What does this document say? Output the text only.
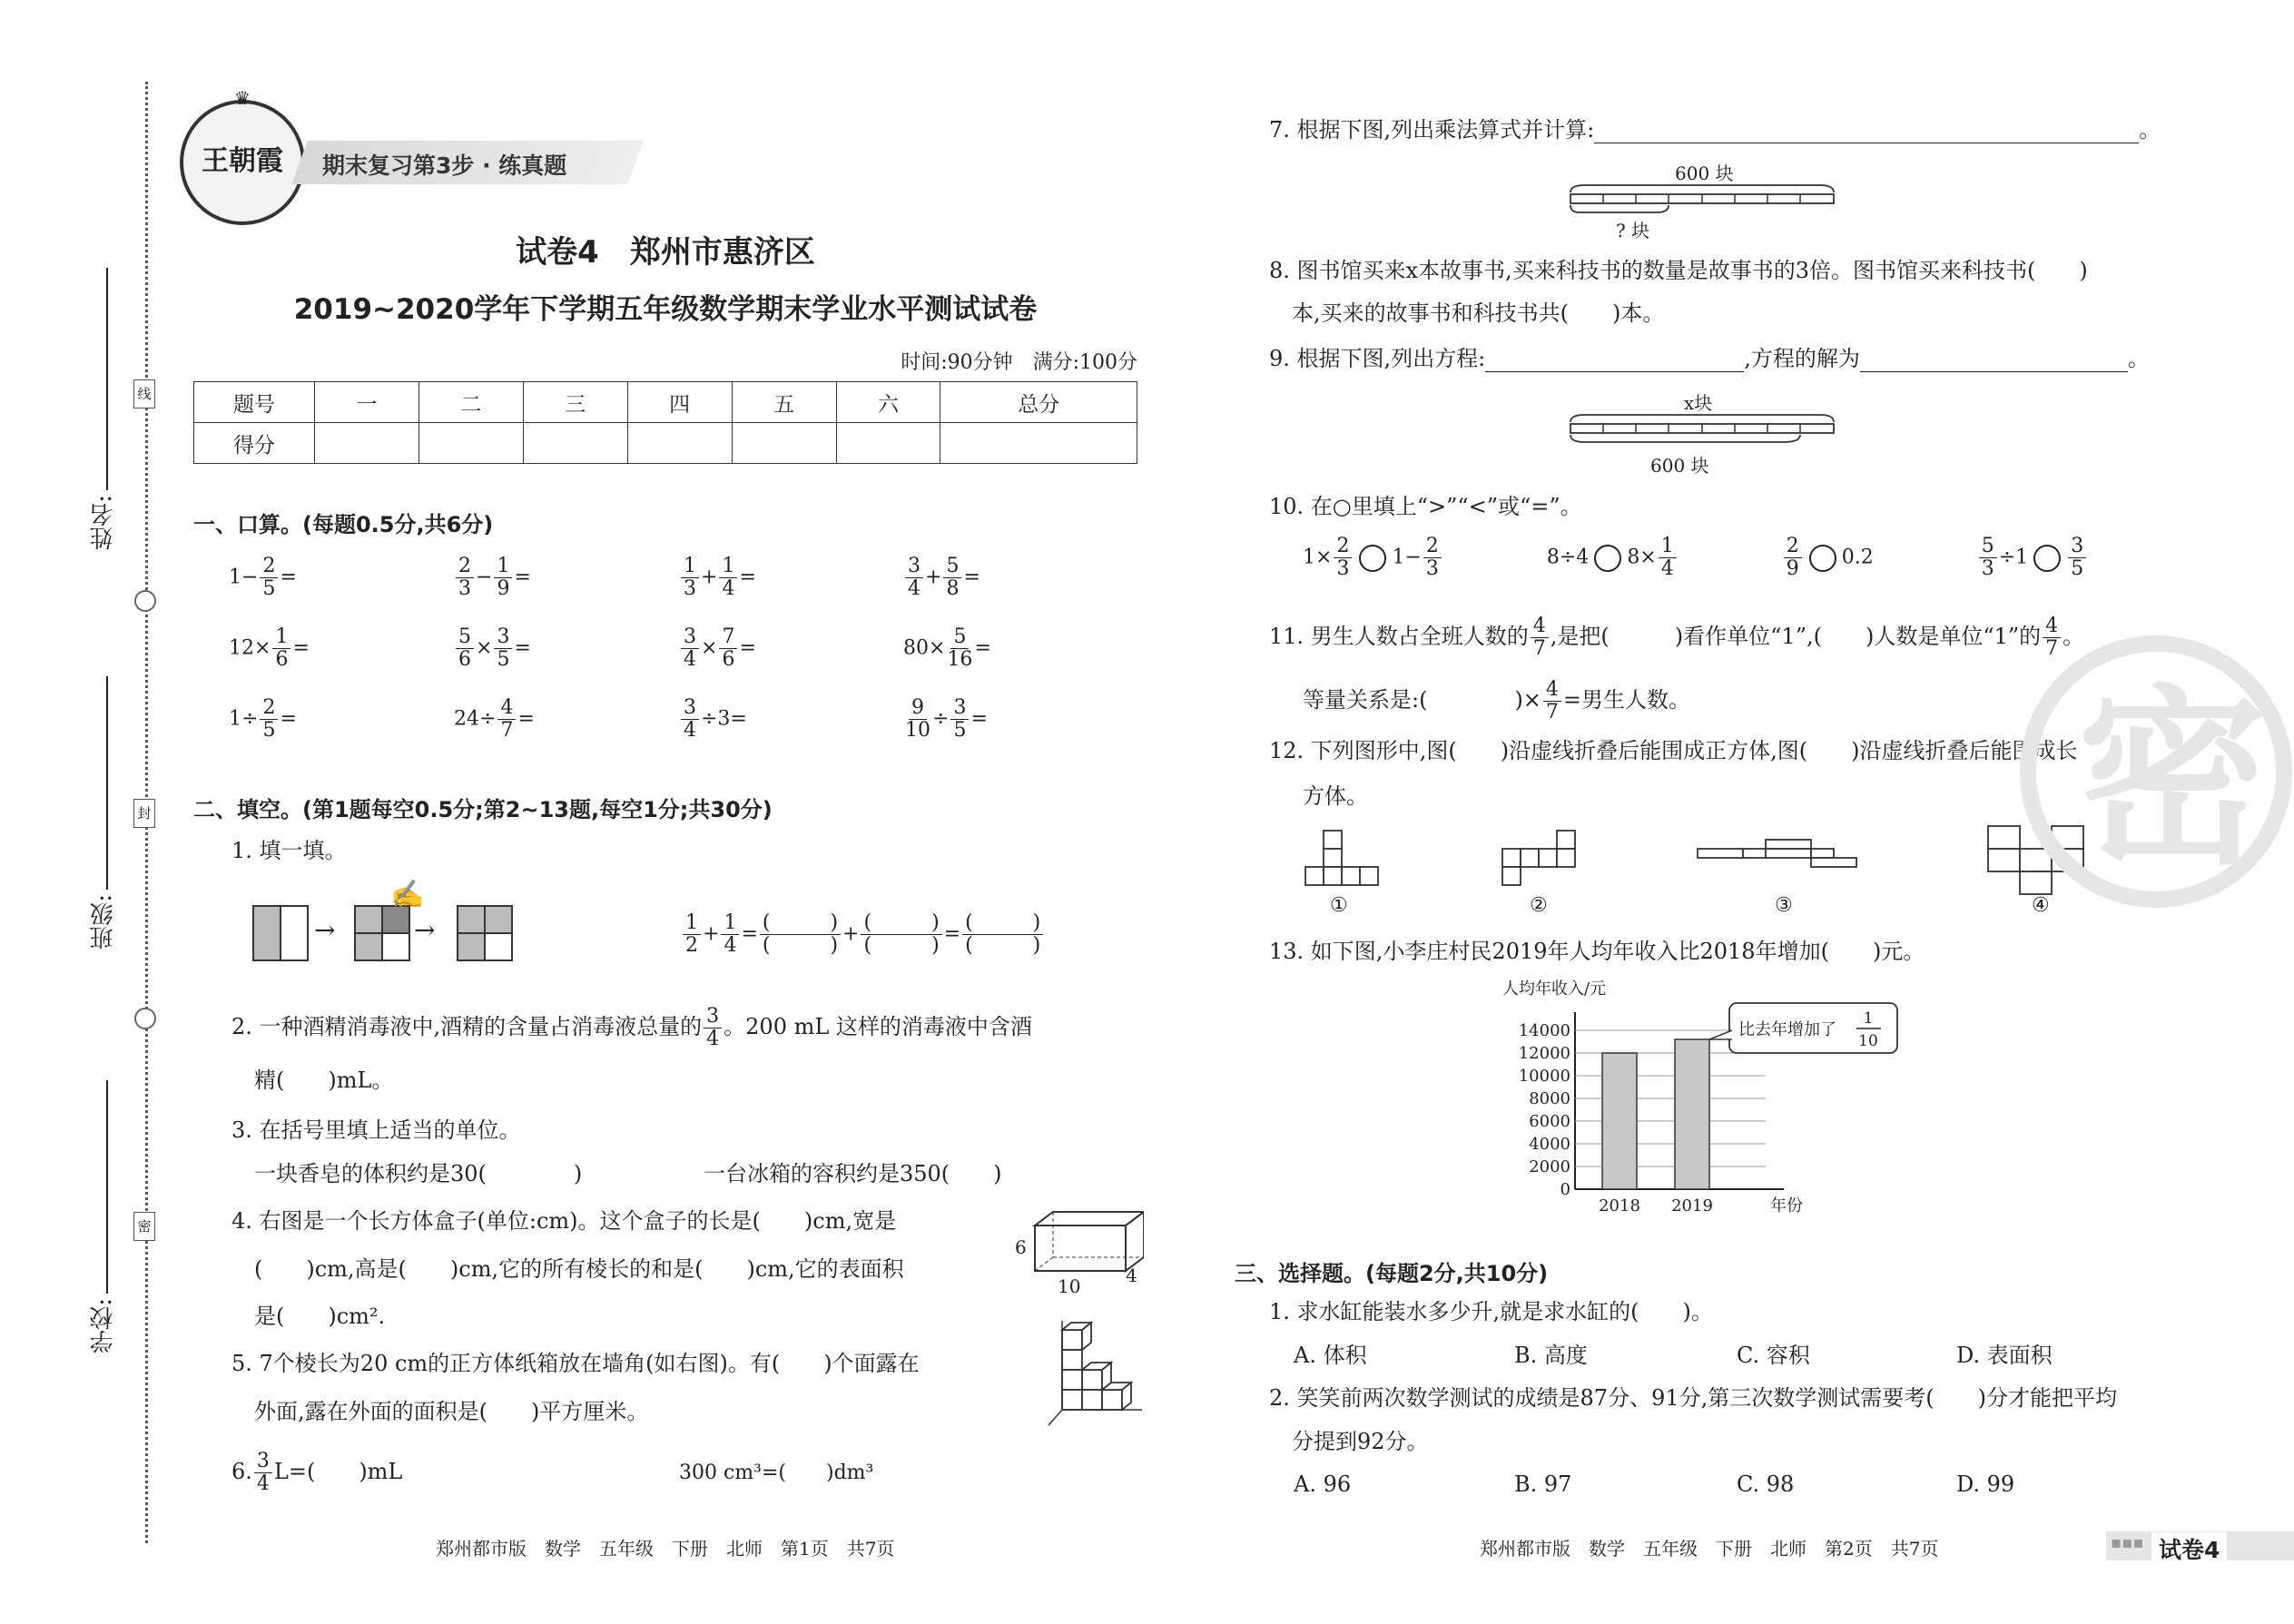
线
封
密
姓名:
班级:
学校:
♛
王朝霞	期末复习第3步 · 练真题
试卷4　郑州市惠济区
2019~2020学年下学期五年级数学期末学业水平测试试卷
时间:90分钟　满分:100分
题号	一	二	三	四	五	六	总分
得分							
一、口算。(每题0.5分,共6分)
$1- \frac{2}{5}$ =	$\frac{2}{3} - \frac{1}{9}$ =	$\frac{1}{3} + \frac{1}{4}$ =	$\frac{3}{4} + \frac{5}{8}$ =
$12\times \frac{1}{6}$ =	$\frac{5}{6} \times \frac{3}{5}$ =	$\frac{3}{4} \times \frac{7}{6}$ =	$80\times \frac{5}{16}$ =
$1\div \frac{2}{5}$ =	$24\div \frac{4}{7}$ =	$\frac{3}{4} \div 3=$	$\frac{9}{10} \div \frac{3}{5}$ =
二、填空。(第1题每空0.5分;第2~13题,每空1分;共30分)
1. 填一填。
→
✍
→	$\frac{1}{2} + \frac{1}{4} = \frac{( )}{( )} + \frac{( )}{( )} = \frac{( )}{( )}$
2. 一种酒精消毒液中,酒精的含量占消毒液总量的 $\frac{3}{4}$ 。200 mL 这样的消毒液中含酒
精(　　)mL。
3. 在括号里填上适当的单位。
一块香皂的体积约是30(　　　　)	一台冰箱的容积约是350(　　)
4. 右图是一个长方体盒子(单位:cm)。这个盒子的长是(　　)cm,宽是
(　　)cm,高是(　　)cm,它的所有棱长的和是(　　)cm,它的表面积
是(　　)cm².
6
10 4
5. 7个棱长为20 cm的正方体纸箱放在墙角(如右图)。有(　　)个面露在
外面,露在外面的面积是(　　)平方厘米。
6. $\frac{3}{4} L=$(　　)mL	300 cm³=(　　)dm³
郑州都市版　数学　五年级　下册　北师　第1页　共7页
7. 根据下图,列出乘法算式并计算:	。
600 块
? 块
8. 图书馆买来x本故事书,买来科技书的数量是故事书的3倍。图书馆买来科技书(　　)
本,买来的故事书和科技书共(　　)本。
9. 根据下图,列出方程:	,方程的解为	。
x块
600 块
10. 在○里填上“>”“<”或“=”。
$1\times \frac{2}{3} 1- \frac{2}{3}$	8÷4 $8\times \frac{1}{4}$
	$\frac{2}{9} 0.2$	$\frac{5}{3} \div 1 \frac{3}{5}$
11. 男生人数占全班人数的 $\frac{4}{7}$ ,是把(　　　)看作单位“1”,(　　)人数是单位“1”的 $\frac{4}{7}$ 。
等量关系是:(　　　　)× $\frac{4}{7}$ =男生人数。
12. 下列图形中,图(　　)沿虚线折叠后能围成正方体,图(　　)沿虚线折叠后能围成长
方体。
①	②	③	④
13. 如下图,小李庄村民2019年人均年收入比2018年增加(　　)元。
人均年收入/元
0
2000
4000
6000
8000
10000
12000
14000
2018 2019	年份
比去年增加了
1
10
三、选择题。(每题2分,共10分)
1. 求水缸能装水多少升,就是求水缸的(　　)。
A. 体积	B. 高度	C. 容积	D. 表面积
2. 笑笑前两次数学测试的成绩是87分、91分,第三次数学测试需要考(　　)分才能把平均
分提到92分。
A. 96	B. 97	C. 98	D. 99
郑州都市版　数学　五年级　下册　北师　第2页　共7页	▪▪▪ 试卷4
密
